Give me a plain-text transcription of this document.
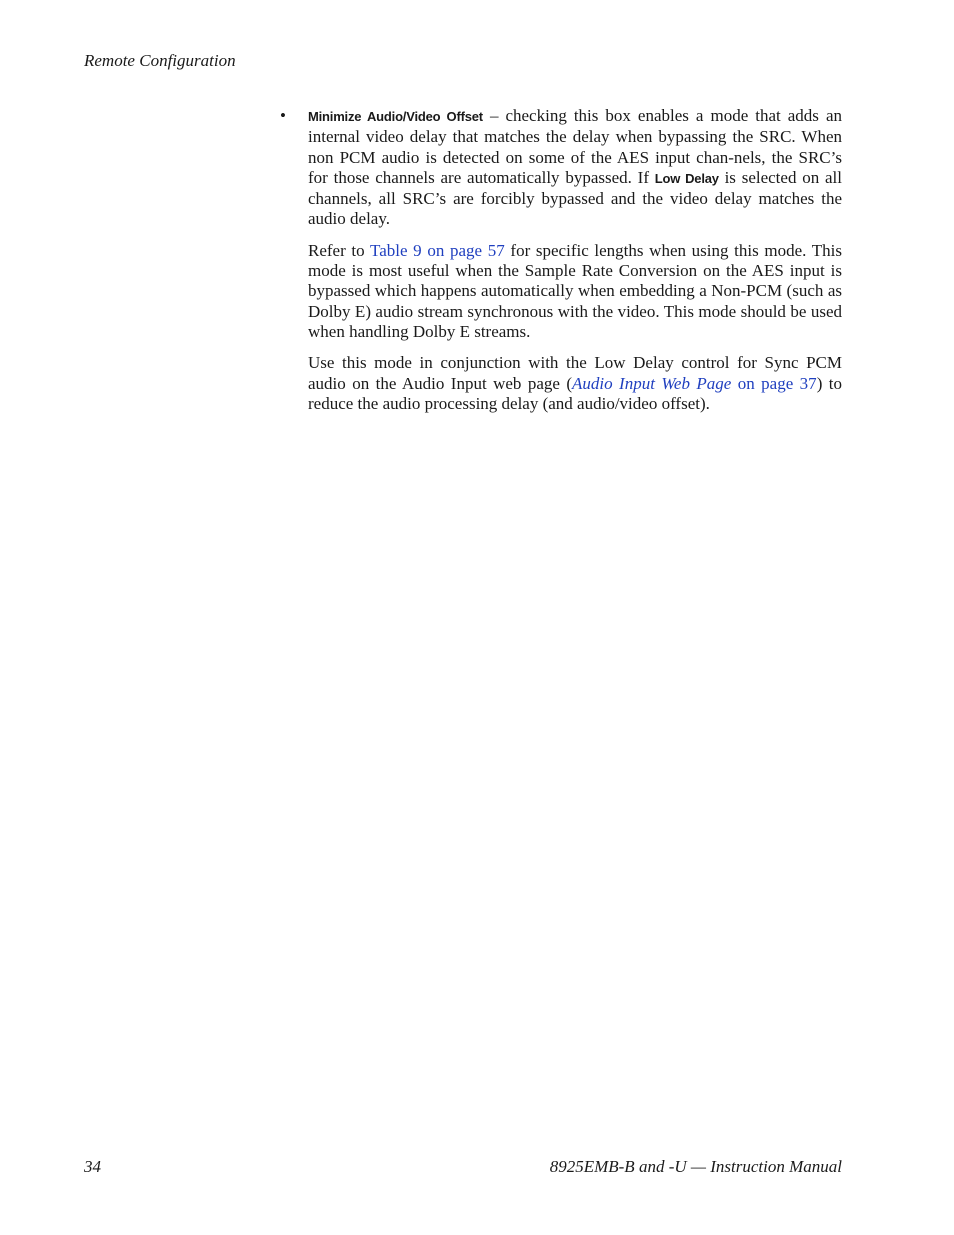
Remote Configuration
• Minimize Audio/Video Offset – checking this box enables a mode that adds an internal video delay that matches the delay when bypassing the SRC. When non PCM audio is detected on some of the AES input chan-nels, the SRC’s for those channels are automatically bypassed. If Low Delay is selected on all channels, all SRC’s are forcibly bypassed and the video delay matches the audio delay.

Refer to Table 9 on page 57 for specific lengths when using this mode. This mode is most useful when the Sample Rate Conversion on the AES input is bypassed which happens automatically when embedding a Non-PCM (such as Dolby E) audio stream synchronous with the video. This mode should be used when handling Dolby E streams.

Use this mode in conjunction with the Low Delay control for Sync PCM audio on the Audio Input web page (Audio Input Web Page on page 37) to reduce the audio processing delay (and audio/video offset).

34	8925EMB-B and -U — Instruction Manual
